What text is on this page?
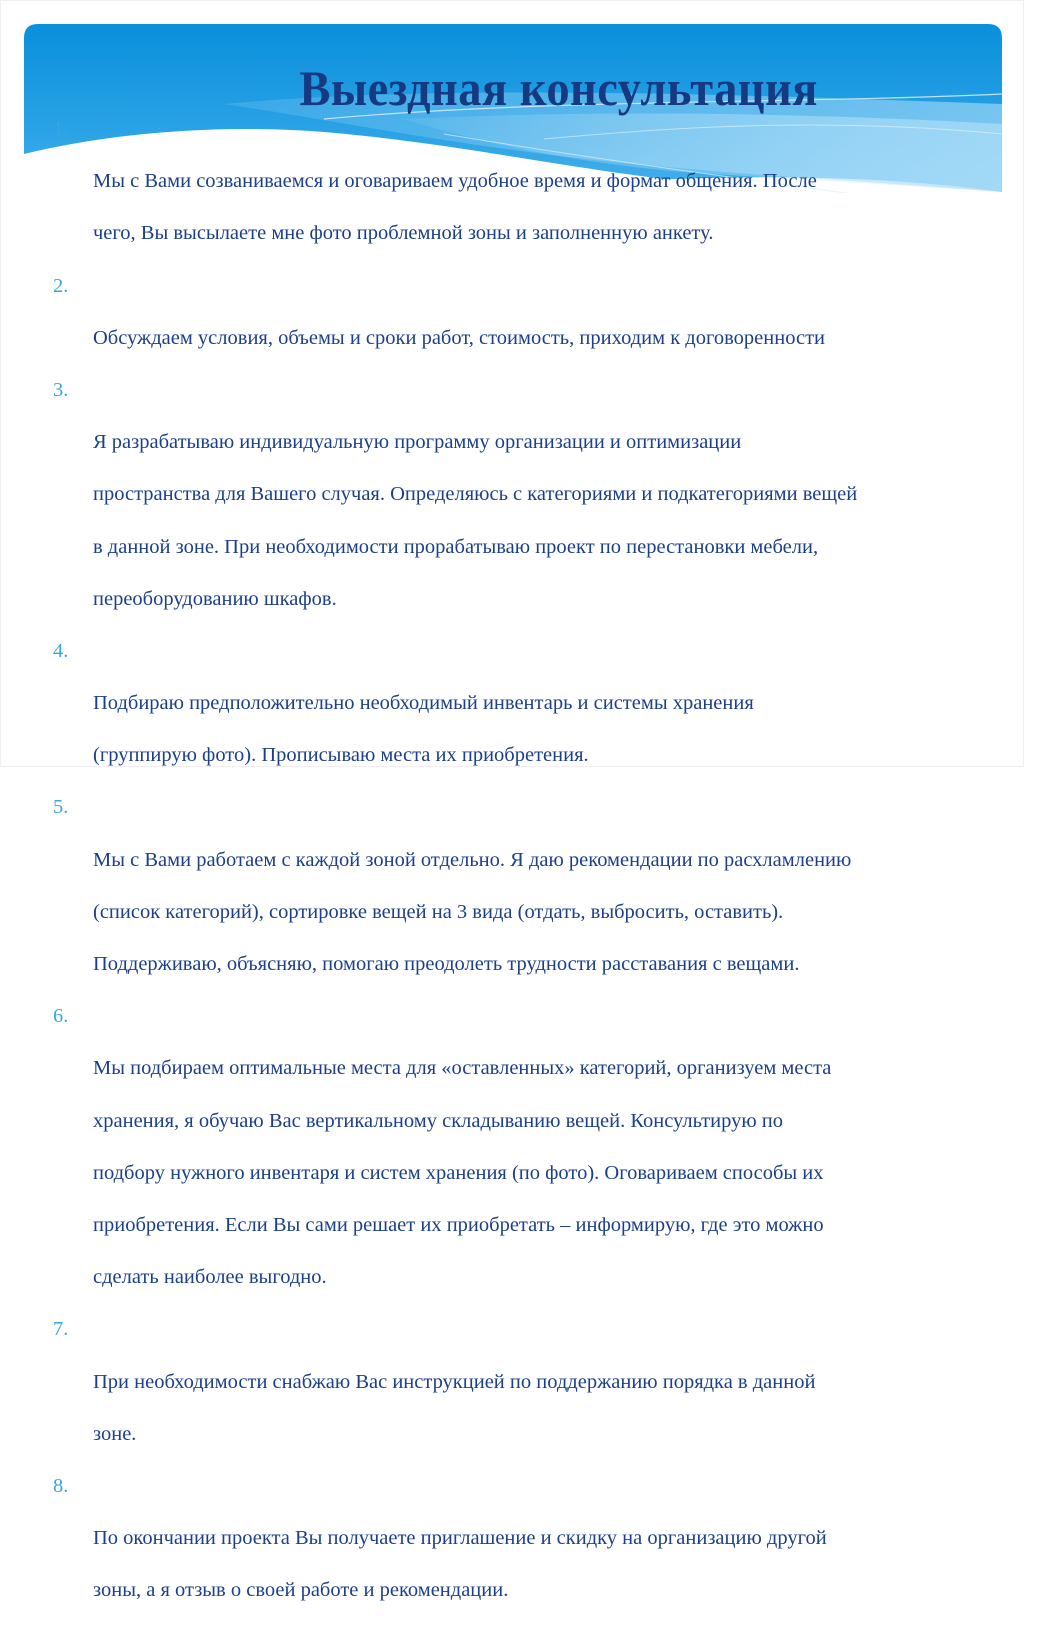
Выездная консультация

1.

Мы с Вами созваниваемся и оговариваем удобное время и формат общения. После

чего, Вы высылаете мне фото проблемной зоны и заполненную анкету.

2.

Обсуждаем условия, объемы и сроки работ, стоимость, приходим к договоренности

3.

Я разрабатываю индивидуальную программу организации и оптимизации

пространства для Вашего случая. Определяюсь с категориями и подкатегориями вещей

в данной зоне. При необходимости прорабатываю проект по перестановки мебели,

переоборудованию шкафов.

4.

Подбираю предположительно необходимый инвентарь и системы хранения

(группирую фото). Прописываю места их приобретения.

5.

Мы с Вами работаем с каждой зоной отдельно. Я даю рекомендации по расхламлению

(список категорий), сортировке вещей на 3 вида (отдать, выбросить, оставить).

Поддерживаю, объясняю, помогаю преодолеть трудности расставания с вещами.

6.

Мы подбираем оптимальные места для «оставленных» категорий, организуем места

хранения, я обучаю Вас вертикальному складыванию вещей. Консультирую по

подбору нужного инвентаря и систем хранения (по фото). Оговариваем способы их

приобретения. Если Вы сами решает их приобретать – информирую, где это можно

сделать наиболее выгодно.

7.

При необходимости снабжаю Вас инструкцией по поддержанию порядка в данной

зоне.

8.

По окончании проекта Вы получаете приглашение и скидку на организацию другой

зоны, а я отзыв о своей работе и рекомендации.
